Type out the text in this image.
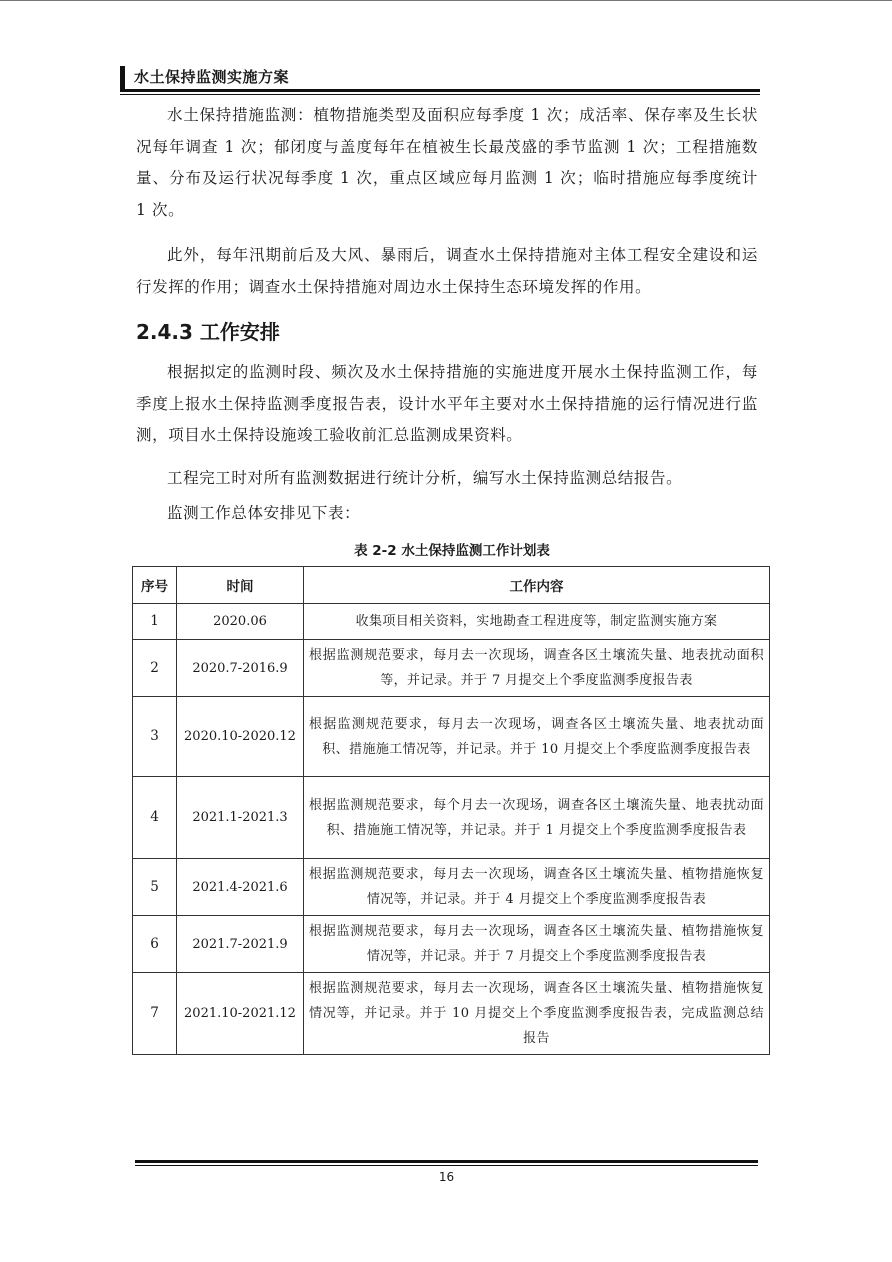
水土保持监测实施方案

水土保持措施监测：植物措施类型及面积应每季度 1 次；成活率、保存率及生长状况每年调查 1 次；郁闭度与盖度每年在植被生长最茂盛的季节监测 1 次；工程措施数量、分布及运行状况每季度 1 次，重点区域应每月监测 1 次；临时措施应每季度统计 1 次。

此外，每年汛期前后及大风、暴雨后，调查水土保持措施对主体工程安全建设和运行发挥的作用；调查水土保持措施对周边水土保持生态环境发挥的作用。

2.4.3 工作安排

根据拟定的监测时段、频次及水土保持措施的实施进度开展水土保持监测工作，每季度上报水土保持监测季度报告表，设计水平年主要对水土保持措施的运行情况进行监测，项目水土保持设施竣工验收前汇总监测成果资料。

工程完工时对所有监测数据进行统计分析，编写水土保持监测总结报告。

监测工作总体安排见下表：

表 2-2 水土保持监测工作计划表
序号	时间	工作内容
1	2020.06	收集项目相关资料，实地勘查工程进度等，制定监测实施方案
2	2020.7-2016.9	根据监测规范要求，每月去一次现场，调查各区土壤流失量、地表扰动面积等，并记录。并于 7 月提交上个季度监测季度报告表
3	2020.10-2020.12	根据监测规范要求，每月去一次现场，调查各区土壤流失量、地表扰动面积、措施施工情况等，并记录。并于 10 月提交上个季度监测季度报告表
4	2021.1-2021.3	根据监测规范要求，每个月去一次现场，调查各区土壤流失量、地表扰动面积、措施施工情况等，并记录。并于 1 月提交上个季度监测季度报告表
5	2021.4-2021.6	根据监测规范要求，每月去一次现场，调查各区土壤流失量、植物措施恢复情况等，并记录。并于 4 月提交上个季度监测季度报告表
6	2021.7-2021.9	根据监测规范要求，每月去一次现场，调查各区土壤流失量、植物措施恢复情况等，并记录。并于 7 月提交上个季度监测季度报告表
7	2021.10-2021.12	根据监测规范要求，每月去一次现场，调查各区土壤流失量、植物措施恢复情况等，并记录。并于 10 月提交上个季度监测季度报告表，完成监测总结报告
16
